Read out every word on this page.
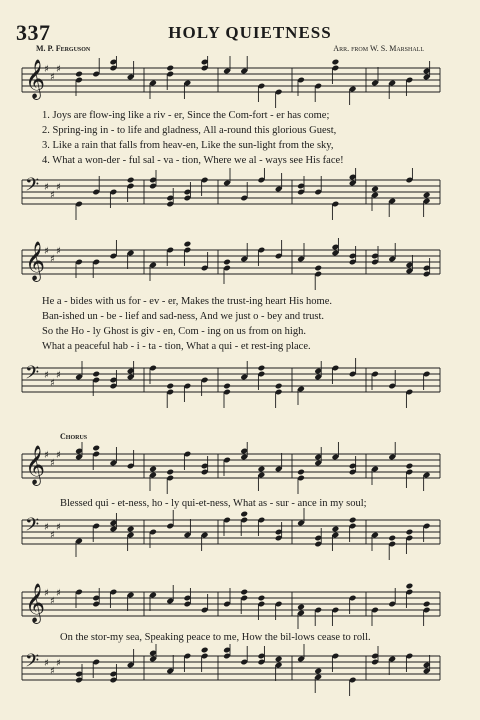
337	HOLY QUIETNESS
M. P. Ferguson	Arr. from W. S. Marshall
𝄞
♯
♯
♯
1. Joys are flow-ing like a riv - er, Since the Com-fort - er has come;
2. Spring-ing in - to life and gladness, All a-round this glorious Guest,
3. Like a rain that falls from heav-en, Like the sun-light from the sky,
4. What a won-der - ful sal - va - tion, Where we al - ways see His face!
𝄢 ♯
♯
♯
𝄞
♯
♯
♯
He a - bides with us for - ev - er, Makes the trust-ing heart His home.
Ban-ished un - be - lief and sad-ness, And we just o - bey and trust.
So the Ho - ly Ghost is giv - en, Com - ing on us from on high.
What a peaceful hab - i - ta - tion, What a qui - et rest-ing place.
𝄢 ♯
♯
♯
Chorus
𝄞
♯
♯
♯
Blessed qui - et-ness, ho - ly qui-et-ness, What as - sur - ance in my soul;
𝄢 ♯
♯
♯
𝄞
♯
♯
♯
On the stor-my sea, Speaking peace to me, How the bil-lows cease to roll.
𝄢 ♯
♯
♯
